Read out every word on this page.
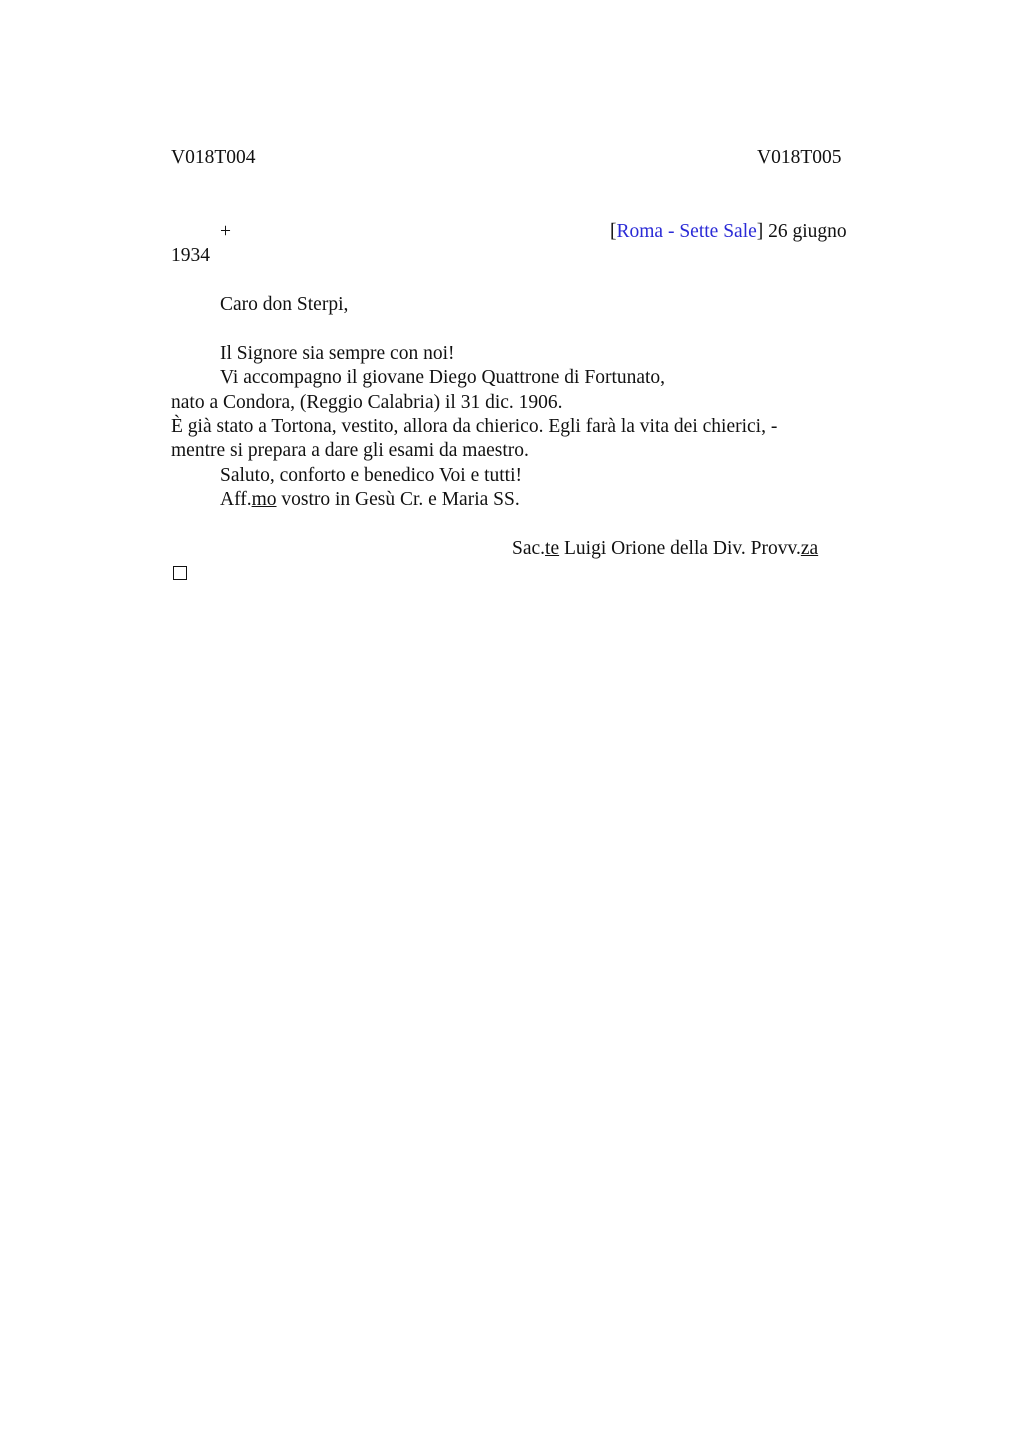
V018T004	V018T005
+	[Roma - Sette Sale] 26 giugno
1934
Caro don Sterpi,
Il Signore sia sempre con noi!
Vi accompagno il giovane Diego Quattrone di Fortunato,
nato a Condora, (Reggio Calabria) il 31 dic. 1906.
È già stato a Tortona, vestito, allora da chierico. Egli farà la vita dei chierici, -
mentre si prepara a dare gli esami da maestro.
Saluto, conforto e benedico Voi e tutti!
Aff.mo vostro in Gesù Cr. e Maria SS.
Sac.te Luigi Orione della Div. Provv.za
